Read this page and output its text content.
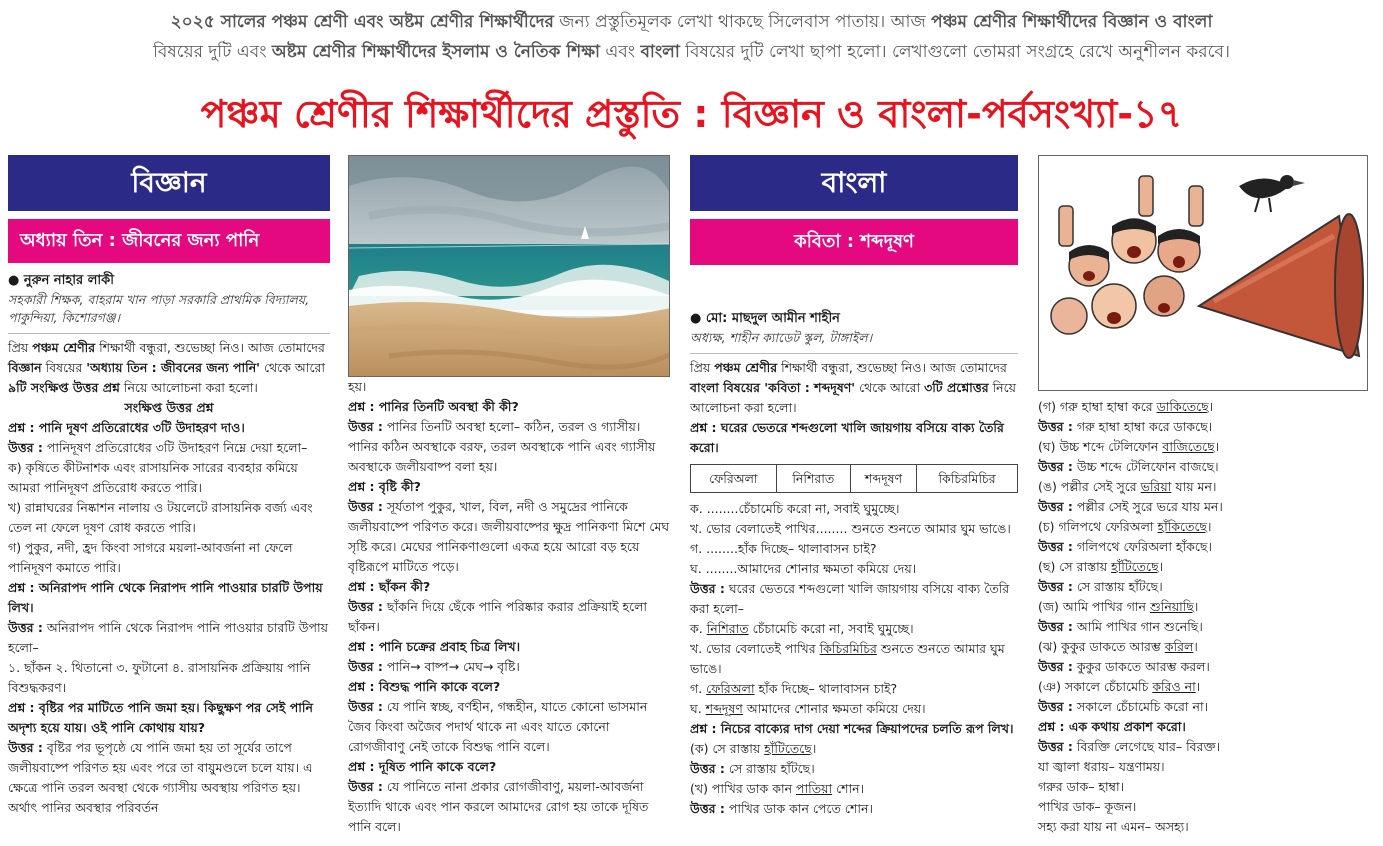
২০২৫ সালের পঞ্চম শ্রেণী এবং অষ্টম শ্রেণীর শিক্ষার্থীদের জন্য প্রস্তুতিমূলক লেখা থাকছে সিলেবাস পাতায়। আজ পঞ্চম শ্রেণীর শিক্ষার্থীদের বিজ্ঞান ও বাংলা
বিষয়ের দুটি এবং অষ্টম শ্রেণীর শিক্ষার্থীদের ইসলাম ও নৈতিক শিক্ষা এবং বাংলা বিষয়ের দুটি লেখা ছাপা হলো। লেখাগুলো তোমরা সংগ্রহে রেখে অনুশীলন করবে।
পঞ্চম শ্রেণীর শিক্ষার্থীদের প্রস্তুতি : বিজ্ঞান ও বাংলা-পর্বসংখ্যা-১৭
বিজ্ঞান
অধ্যায় তিন : জীবনের জন্য পানি
● নুরুন নাহার লাকী
সহকারী শিক্ষক, বাহরাম খান পাড়া সরকারি প্রাথমিক বিদ্যালয়, পাকুন্দিয়া, কিশোরগঞ্জ।

প্রিয় পঞ্চম শ্রেণীর শিক্ষার্থী বন্ধুরা, শুভেচ্ছা নিও। আজ তোমাদের বিজ্ঞান বিষয়ের 'অধ্যায় তিন : জীবনের জন্য পানি' থেকে আরো ৯টি সংক্ষিপ্ত উত্তর প্রশ্ন নিয়ে আলোচনা করা হলো।

সংক্ষিপ্ত উত্তর প্রশ্ন

প্রশ্ন : পানি দূষণ প্রতিরোধের ৩টি উদাহরণ দাও।

উত্তর : পানিদূষণ প্রতিরোধের ৩টি উদাহরণ নিম্নে দেয়া হলো–

ক) কৃষিতে কীটনাশক এবং রাসায়নিক সারের ব্যবহার কমিয়ে আমরা পানিদূষণ প্রতিরোধ করতে পারি।

খ) রান্নাঘরের নিষ্কাশন নালায় ও টয়লেটে রাসায়নিক বর্জ্য এবং তেল না ফেলে দূষণ রোধ করতে পারি।

গ) পুকুর, নদী, হ্রদ কিংবা সাগরে ময়লা-আবর্জনা না ফেলে পানিদূষণ কমাতে পারি।

প্রশ্ন : অনিরাপদ পানি থেকে নিরাপদ পানি পাওয়ার চারটি উপায় লিখ।

উত্তর : অনিরাপদ পানি থেকে নিরাপদ পানি পাওয়ার চারটি উপায় হলো–

১. ছাঁকন ২. থিতানো ৩. ফুটানো ৪. রাসায়নিক প্রক্রিয়ায় পানি বিশুদ্ধকরণ।

প্রশ্ন : বৃষ্টির পর মাটিতে পানি জমা হয়। কিছুক্ষণ পর সেই পানি অদৃশ্য হয়ে যায়। ওই পানি কোথায় যায়?

উত্তর : বৃষ্টির পর ভূপৃষ্ঠে যে পানি জমা হয় তা সূর্যের তাপে জলীয়বাষ্পে পরিণত হয় এবং পরে তা বায়ুমণ্ডলে চলে যায়। এ ক্ষেত্রে পানি তরল অবস্থা থেকে গ্যাসীয় অবস্থায় পরিণত হয়। অর্থাৎ পানির অবস্থার পরিবর্তন

হয়।

প্রশ্ন : পানির তিনটি অবস্থা কী কী?

উত্তর : পানির তিনটি অবস্থা হলো– কঠিন, তরল ও গ্যাসীয়। পানির কঠিন অবস্থাকে বরফ, তরল অবস্থাকে পানি এবং গ্যাসীয় অবস্থাকে জলীয়বাষ্প বলা হয়।

প্রশ্ন : বৃষ্টি কী?

উত্তর : সূর্যতাপ পুকুর, খাল, বিল, নদী ও সমুদ্রের পানিকে জলীয়বাষ্পে পরিণত করে। জলীয়বাষ্পের ক্ষুদ্র পানিকণা মিশে মেঘ সৃষ্টি করে। মেঘের পানিকণাগুলো একত্র হয়ে আরো বড় হয়ে বৃষ্টিরূপে মাটিতে পড়ে।

প্রশ্ন : ছাঁকন কী?

উত্তর : ছাঁকনি দিয়ে ছেঁকে পানি পরিষ্কার করার প্রক্রিয়াই হলো ছাঁকন।

প্রশ্ন : পানি চক্রের প্রবাহ চিত্র লিখ।

উত্তর : পানি→ বাষ্প→ মেঘ→ বৃষ্টি।

প্রশ্ন : বিশুদ্ধ পানি কাকে বলে?

উত্তর : যে পানি স্বচ্ছ, বর্ণহীন, গন্ধহীন, যাতে কোনো ভাসমান জৈব কিংবা অজৈব পদার্থ থাকে না এবং যাতে কোনো রোগজীবাণু নেই তাকে বিশুদ্ধ পানি বলে।

প্রশ্ন : দূষিত পানি কাকে বলে?

উত্তর : যে পানিতে নানা প্রকার রোগজীবাণু, ময়লা-আবর্জনা ইত্যাদি থাকে এবং পান করলে আমাদের রোগ হয় তাকে দূষিত পানি বলে।

বাংলা
কবিতা : শব্দদূষণ
● মো: মাছদুল আমীন শাহীন
অধ্যক্ষ, শাহীন ক্যাডেট স্কুল, টাঙ্গাইল।

প্রিয় পঞ্চম শ্রেণীর শিক্ষার্থী বন্ধুরা, শুভেচ্ছা নিও। আজ তোমাদের বাংলা বিষয়ের 'কবিতা : শব্দদূষণ' থেকে আরো ৩টি প্রশ্নোত্তর নিয়ে আলোচনা করা হলো।

প্রশ্ন : ঘরের ভেতরে শব্দগুলো খালি জায়গায় বসিয়ে বাক্য তৈরি করো।

ফেরিঅলা	নিশিরাত	শব্দদূষণ	কিচিরমিচির

ক. ........চেঁচামেচি করো না, সবাই ঘুমুচ্ছে।

খ. ভোর বেলাতেই পাখির........ শুনতে শুনতে আমার ঘুম ভাঙে।

গ. ........হাঁক দিচ্ছে– থালাবাসন চাই?

ঘ. ........আমাদের শোনার ক্ষমতা কমিয়ে দেয়।

উত্তর : ঘরের ভেতরে শব্দগুলো খালি জায়গায় বসিয়ে বাক্য তৈরি করা হলো–

ক. নিশিরাত চেঁচামেচি করো না, সবাই ঘুমুচ্ছে।

খ. ভোর বেলাতেই পাখির কিচিরমিচির শুনতে শুনতে আমার ঘুম ভাঙে।

গ. ফেরিঅলা হাঁক দিচ্ছে– থালাবাসন চাই?

ঘ. শব্দদূষণ আমাদের শোনার ক্ষমতা কমিয়ে দেয়।

প্রশ্ন : নিচের বাক্যের দাগ দেয়া শব্দের ক্রিয়াপদের চলতি রূপ লিখ।

(ক) সে রাস্তায় হাঁটিতেছে।

উত্তর : সে রাস্তায় হাঁটছে।

(খ) পাখির ডাক কান পাতিয়া শোন।

উত্তর : পাখির ডাক কান পেতে শোন।

(গ) গরু হাম্বা হাম্বা করে ডাকিতেছে।

উত্তর : গরু হাম্বা হাম্বা করে ডাকছে।

(ঘ) উচ্চ শব্দে টেলিফোন বাজিতেছে।

উত্তর : উচ্চ শব্দে টেলিফোন বাজছে।

(ঙ) পল্লীর সেই সুরে ভরিয়া যায় মন।

উত্তর : পল্লীর সেই সুরে ভরে যায় মন।

(চ) গলিপথে ফেরিঅলা হাঁকিতেছে।

উত্তর : গলিপথে ফেরিঅলা হাঁকছে।

(ছ) সে রাস্তায় হাঁটিতেছে।

উত্তর : সে রাস্তায় হাঁটছে।

(জ) আমি পাখির গান শুনিয়াছি।

উত্তর : আমি পাখির গান শুনেছি।

(ঝ) কুকুর ডাকতে আরম্ভ করিল।

উত্তর : কুকুর ডাকতে আরম্ভ করল।

(ঞ) সকালে চেঁচামেচি করিও না।

উত্তর : সকালে চেঁচামেচি করো না।

প্রশ্ন : এক কথায় প্রকাশ করো।

উত্তর : বিরক্তি লেগেছে যার– বিরক্ত।

যা জ্বালা ধরায়– যন্ত্রণাময়।

গরুর ডাক– হাম্বা।

পাখির ডাক– কূজন।

সহ্য করা যায় না এমন– অসহ্য।
